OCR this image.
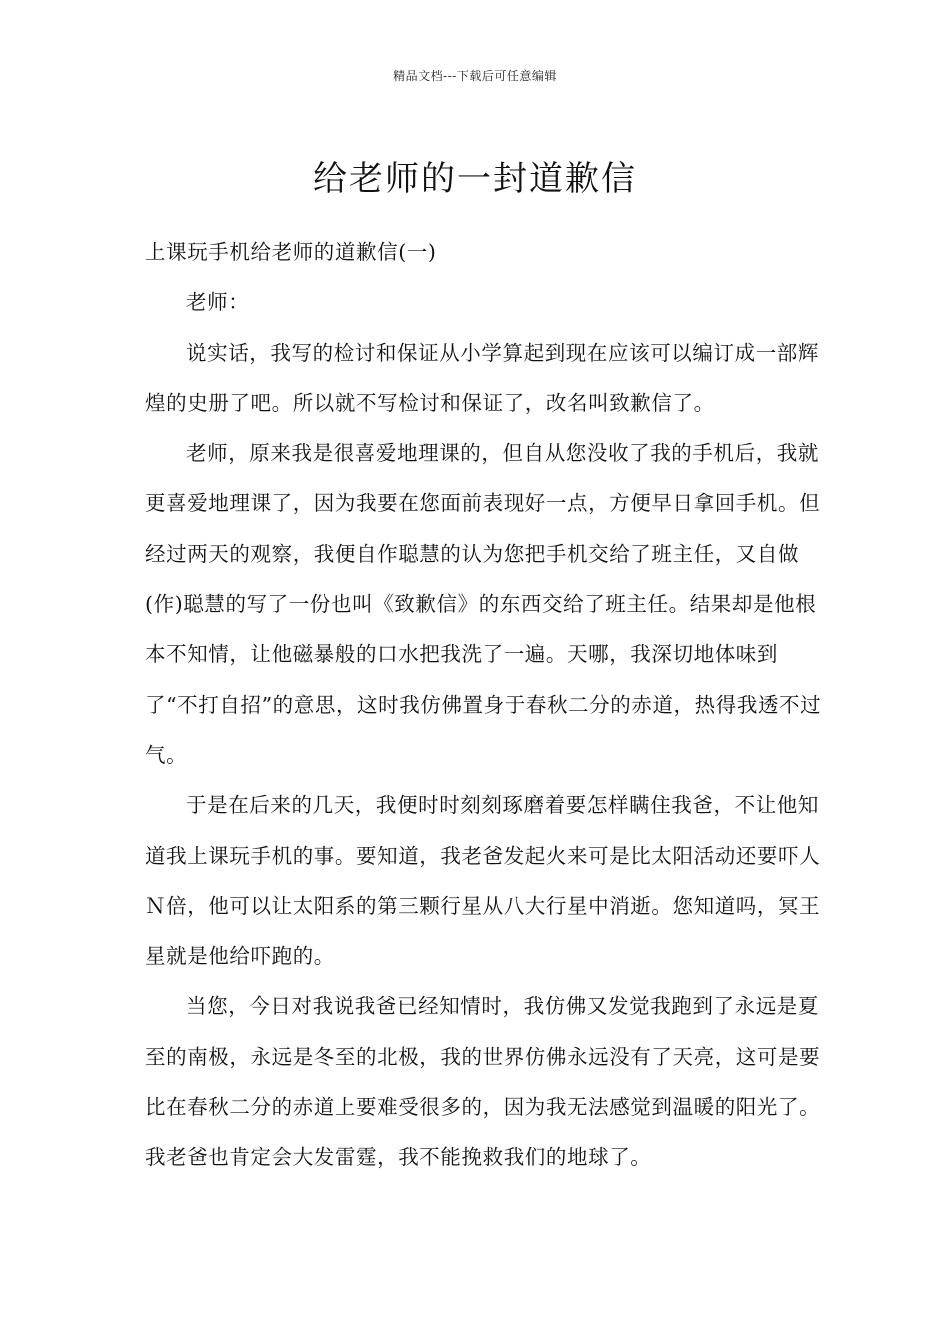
精品文档---下载后可任意编辑
给老师的一封道歉信

上课玩手机给老师的道歉信(一)

老师：

说实话，我写的检讨和保证从小学算起到现在应该可以编订成一部辉煌的史册了吧。所以就不写检讨和保证了，改名叫致歉信了。

老师，原来我是很喜爱地理课的，但自从您没收了我的手机后，我就更喜爱地理课了，因为我要在您面前表现好一点，方便早日拿回手机。但经过两天的观察，我便自作聪慧的认为您把手机交给了班主任，又自做(作)聪慧的写了一份也叫《致歉信》的东西交给了班主任。结果却是他根本不知情，让他磁暴般的口水把我洗了一遍。天哪，我深切地体味到了“不打自招”的意思，这时我仿佛置身于春秋二分的赤道，热得我透不过气。

于是在后来的几天，我便时时刻刻琢磨着要怎样瞒住我爸，不让他知道我上课玩手机的事。要知道，我老爸发起火来可是比太阳活动还要吓人Ｎ倍，他可以让太阳系的第三颗行星从八大行星中消逝。您知道吗，冥王星就是他给吓跑的。

当您，今日对我说我爸已经知情时，我仿佛又发觉我跑到了永远是夏至的南极，永远是冬至的北极，我的世界仿佛永远没有了天亮，这可是要比在春秋二分的赤道上要难受很多的，因为我无法感觉到温暖的阳光了。我老爸也肯定会大发雷霆，我不能挽救我们的地球了。
